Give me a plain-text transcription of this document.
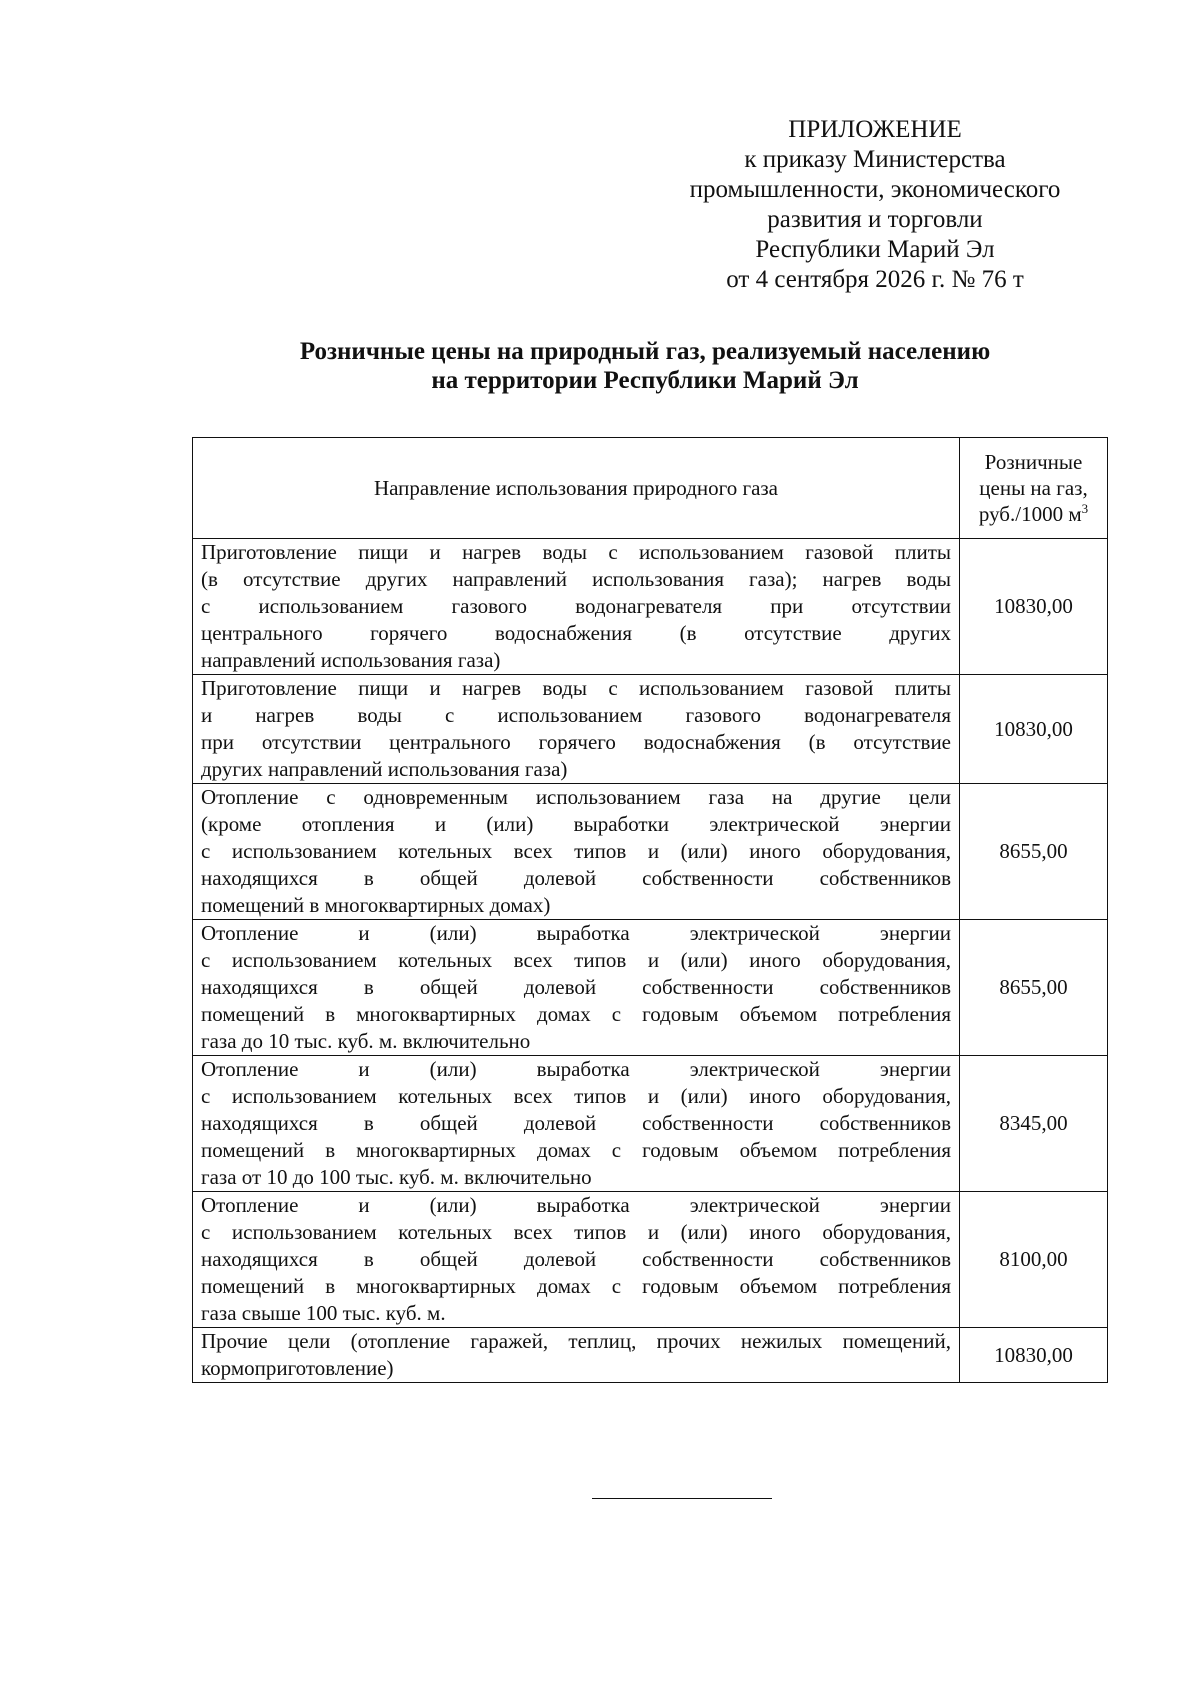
ПРИЛОЖЕНИЕ
к приказу Министерства
промышленности, экономического
развития и торговли
Республики Марий Эл
от 4 сентября 2026 г. № 76 т
Розничные цены на природный газ, реализуемый населению
на территории Республики Марий Эл
Направление использования природного газа	Розничные
цены на газ,
руб./1000 $м^3$

Приготовление пищи и нагрев воды с использованием газовой плиты
(в отсутствие других направлений использования газа); нагрев воды
с использованием газового водонагревателя при отсутствии
центрального горячего водоснабжения (в отсутствие других
направлений использования газа)	10830,00

Приготовление пищи и нагрев воды с использованием газовой плиты
и нагрев воды с использованием газового водонагревателя
при отсутствии центрального горячего водоснабжения (в отсутствие
других направлений использования газа)	10830,00

Отопление с одновременным использованием газа на другие цели
(кроме отопления и (или) выработки электрической энергии
с использованием котельных всех типов и (или) иного оборудования,
находящихся в общей долевой собственности собственников
помещений в многоквартирных домах)	8655,00

Отопление и (или) выработка электрической энергии
с использованием котельных всех типов и (или) иного оборудования,
находящихся в общей долевой собственности собственников
помещений в многоквартирных домах с годовым объемом потребления
газа до 10 тыс. куб. м. включительно	8655,00

Отопление и (или) выработка электрической энергии
с использованием котельных всех типов и (или) иного оборудования,
находящихся в общей долевой собственности собственников
помещений в многоквартирных домах с годовым объемом потребления
газа от 10 до 100 тыс. куб. м. включительно	8345,00

Отопление и (или) выработка электрической энергии
с использованием котельных всех типов и (или) иного оборудования,
находящихся в общей долевой собственности собственников
помещений в многоквартирных домах с годовым объемом потребления
газа свыше 100 тыс. куб. м.	8100,00

Прочие цели (отопление гаражей, теплиц, прочих нежилых помещений,
кормоприготовление)	10830,00
